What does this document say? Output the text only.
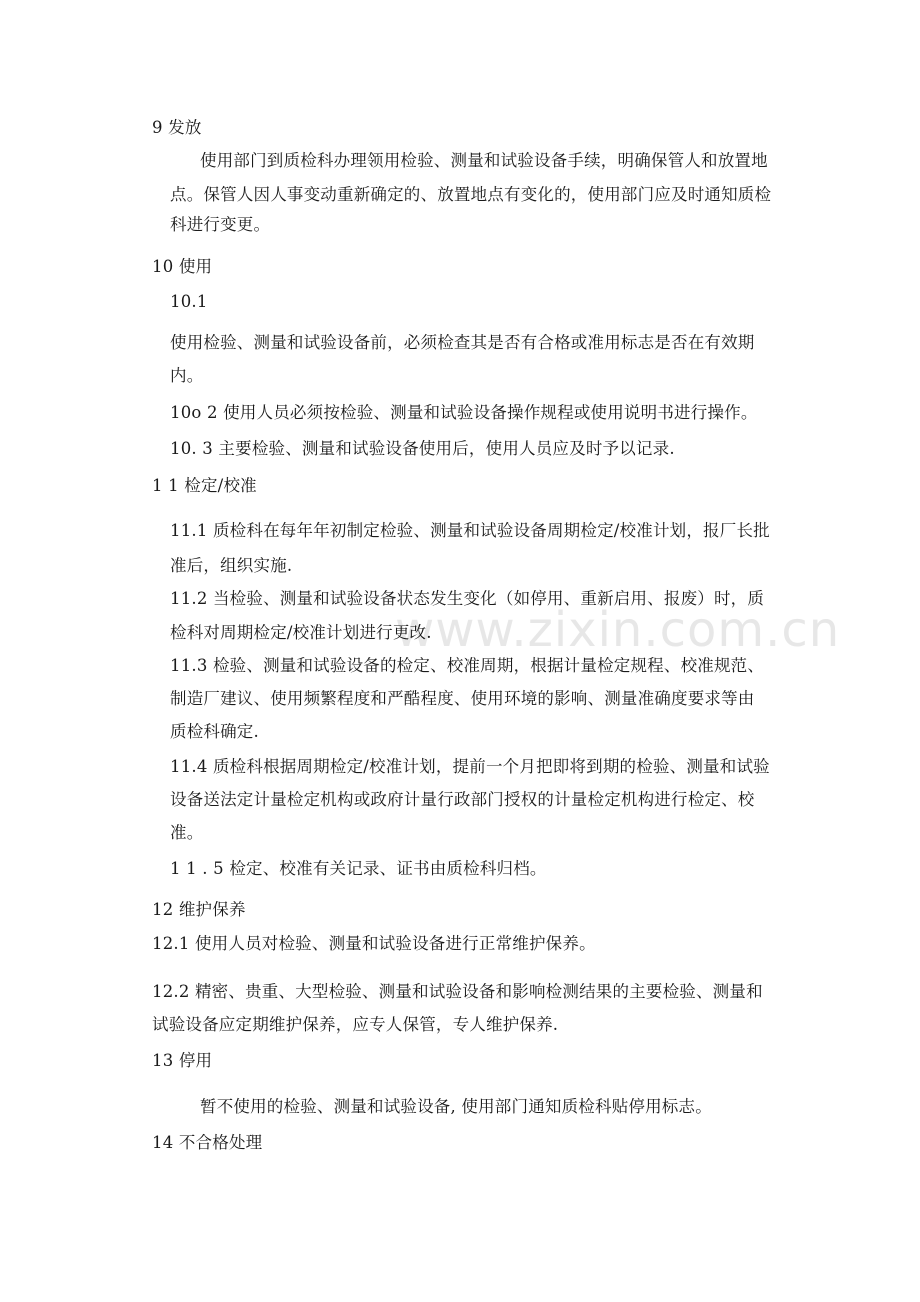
www.zixin.com.cn
9 发放
使用部门到质检科办理领用检验、测量和试验设备手续，明确保管人和放置地
点。保管人因人事变动重新确定的、放置地点有变化的，使用部门应及时通知质检
科进行变更。
10 使用
10.1
使用检验、测量和试验设备前，必须检查其是否有合格或准用标志是否在有效期
内。
10o 2 使用人员必须按检验、测量和试验设备操作规程或使用说明书进行操作。
10. 3 主要检验、测量和试验设备使用后，使用人员应及时予以记录.
1 1 检定/校准
11.1 质检科在每年年初制定检验、测量和试验设备周期检定/校准计划，报厂长批
准后，组织实施.
11.2 当检验、测量和试验设备状态发生变化（如停用、重新启用、报废）时，质
检科对周期检定/校准计划进行更改.
11.3 检验、测量和试验设备的检定、校准周期，根据计量检定规程、校准规范、
制造厂建议、使用频繁程度和严酷程度、使用环境的影响、测量准确度要求等由
质检科确定.
11.4 质检科根据周期检定/校准计划，提前一个月把即将到期的检验、测量和试验
设备送法定计量检定机构或政府计量行政部门授权的计量检定机构进行检定、校
准。
1 1 . 5 检定、校准有关记录、证书由质检科归档。
12 维护保养
12.1 使用人员对检验、测量和试验设备进行正常维护保养。
12.2 精密、贵重、大型检验、测量和试验设备和影响检测结果的主要检验、测量和
试验设备应定期维护保养，应专人保管，专人维护保养.
13 停用
暂不使用的检验、测量和试验设备, 使用部门通知质检科贴停用标志。
14 不合格处理
